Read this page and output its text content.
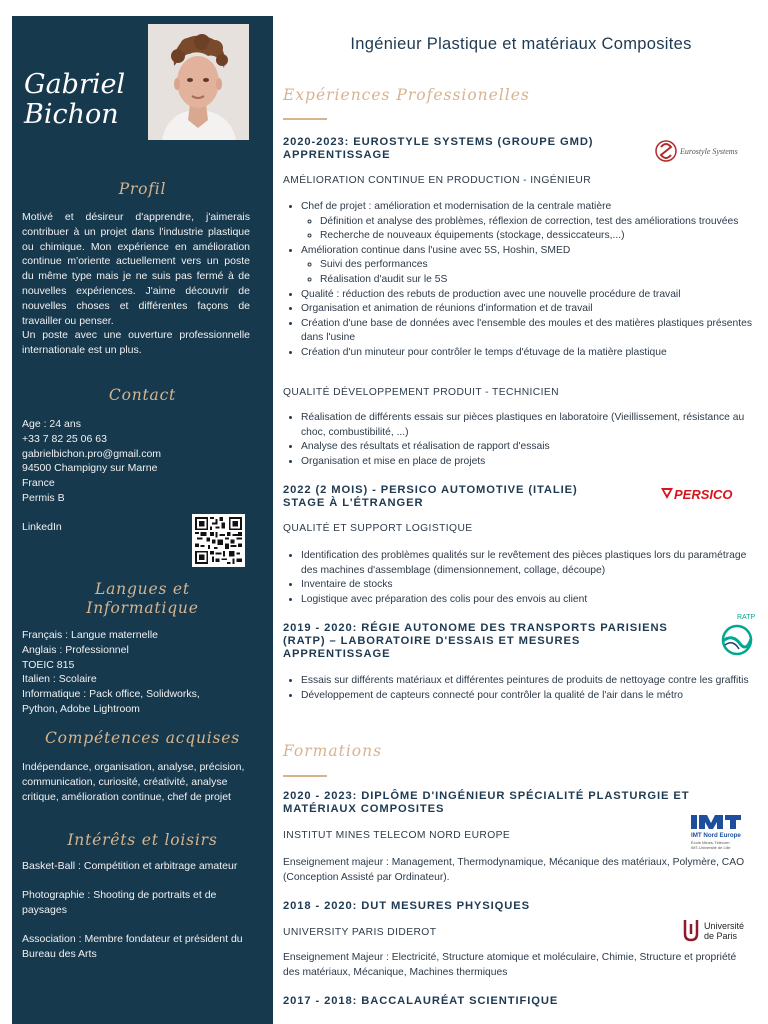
Gabriel
Bichon
Profil

Motivé et désireur d'apprendre, j'aimerais contribuer à un projet dans l'industrie plastique ou chimique. Mon expérience en amélioration continue m'oriente actuellement vers un poste du même type mais je ne suis pas fermé à de nouvelles expériences. J'aime découvrir de nouvelles choses et différentes façons de travailler ou penser.

Un poste avec une ouverture professionnelle internationale est un plus.

Contact

Age : 24 ans

+33 7 82 25 06 63

gabrielbichon.pro@gmail.com

94500 Champigny sur Marne

France

Permis B

LinkedIn

Langues et
Informatique

Français : Langue maternelle

Anglais : Professionnel

TOEIC 815

Italien : Scolaire

Informatique : Pack office, Solidworks,

Python, Adobe Lightroom

Compétences acquises
Indépendance, organisation, analyse, précision, communication, curiosité, créativité, analyse critique, amélioration continue, chef de projet
Intérêts et loisirs

Basket-Ball : Compétition et arbitrage amateur

Photographie : Shooting de portraits et de paysages

Association : Membre fondateur et président du Bureau des Arts

Ingénieur Plastique et matériaux Composites
Expériences Professionelles
2020-2023: EUROSTYLE SYSTEMS (GROUPE GMD)
APPRENTISSAGE	Eurostyle Systems
AMÉLIORATION CONTINUE EN PRODUCTION - INGÉNIEUR
• Chef de projet : amélioration et modernisation de la centrale matière
◦ Définition et analyse des problèmes, réflexion de correction, test des améliorations trouvées
◦ Recherche de nouveaux équipements (stockage, dessiccateurs,...)
• Amélioration continue dans l'usine avec 5S, Hoshin, SMED
◦ Suivi des performances
◦ Réalisation d'audit sur le 5S
• Qualité : réduction des rebuts de production avec une nouvelle procédure de travail
• Organisation et animation de réunions d'information et de travail
• Création d'une base de données avec l'ensemble des moules et des matières plastiques présentes dans l'usine
• Création d'un minuteur pour contrôler le temps d'étuvage de la matière plastique
QUALITÉ DÉVELOPPEMENT PRODUIT - TECHNICIEN
• Réalisation de différents essais sur pièces plastiques en laboratoire (Vieillissement, résistance au choc, combustibilité, ...)
• Analyse des résultats et réalisation de rapport d'essais
• Organisation et mise en place de projets
2022 (2 MOIS) - PERSICO AUTOMOTIVE (ITALIE)
STAGE À L'ÉTRANGER
PERSICO
QUALITÉ ET SUPPORT LOGISTIQUE
• Identification des problèmes qualités sur le revêtement des pièces plastiques lors du paramétrage des machines d'assemblage (dimensionnement, collage, découpe)
• Inventaire de stocks
• Logistique avec préparation des colis pour des envois au client
2019 - 2020: RÉGIE AUTONOME DES TRANSPORTS PARISIENS
(RATP) – LABORATOIRE D'ESSAIS ET MESURES
APPRENTISSAGE
RATP
• Essais sur différents matériaux et différentes peintures de produits de nettoyage contre les graffitis
• Développement de capteurs connecté pour contrôler la qualité de l'air dans le métro
Formations
2020 - 2023: DIPLÔME D'INGÉNIEUR SPÉCIALITÉ PLASTURGIE ET
MATÉRIAUX COMPOSITES
INSTITUT MINES TELECOM NORD EUROPE	IMT Nord Europe
École Mines-Télécom
IMT-Université de Lille
Enseignement majeur : Management, Thermodynamique, Mécanique des matériaux, Polymère, CAO (Conception Assisté par Ordinateur).
2018 - 2020: DUT MESURES PHYSIQUES
UNIVERSITY PARIS DIDEROT
Université
de Paris
Enseignement Majeur : Electricité, Structure atomique et moléculaire, Chimie, Structure et propriété des matériaux, Mécanique, Machines thermiques
2017 - 2018: BACCALAURÉAT SCIENTIFIQUE
